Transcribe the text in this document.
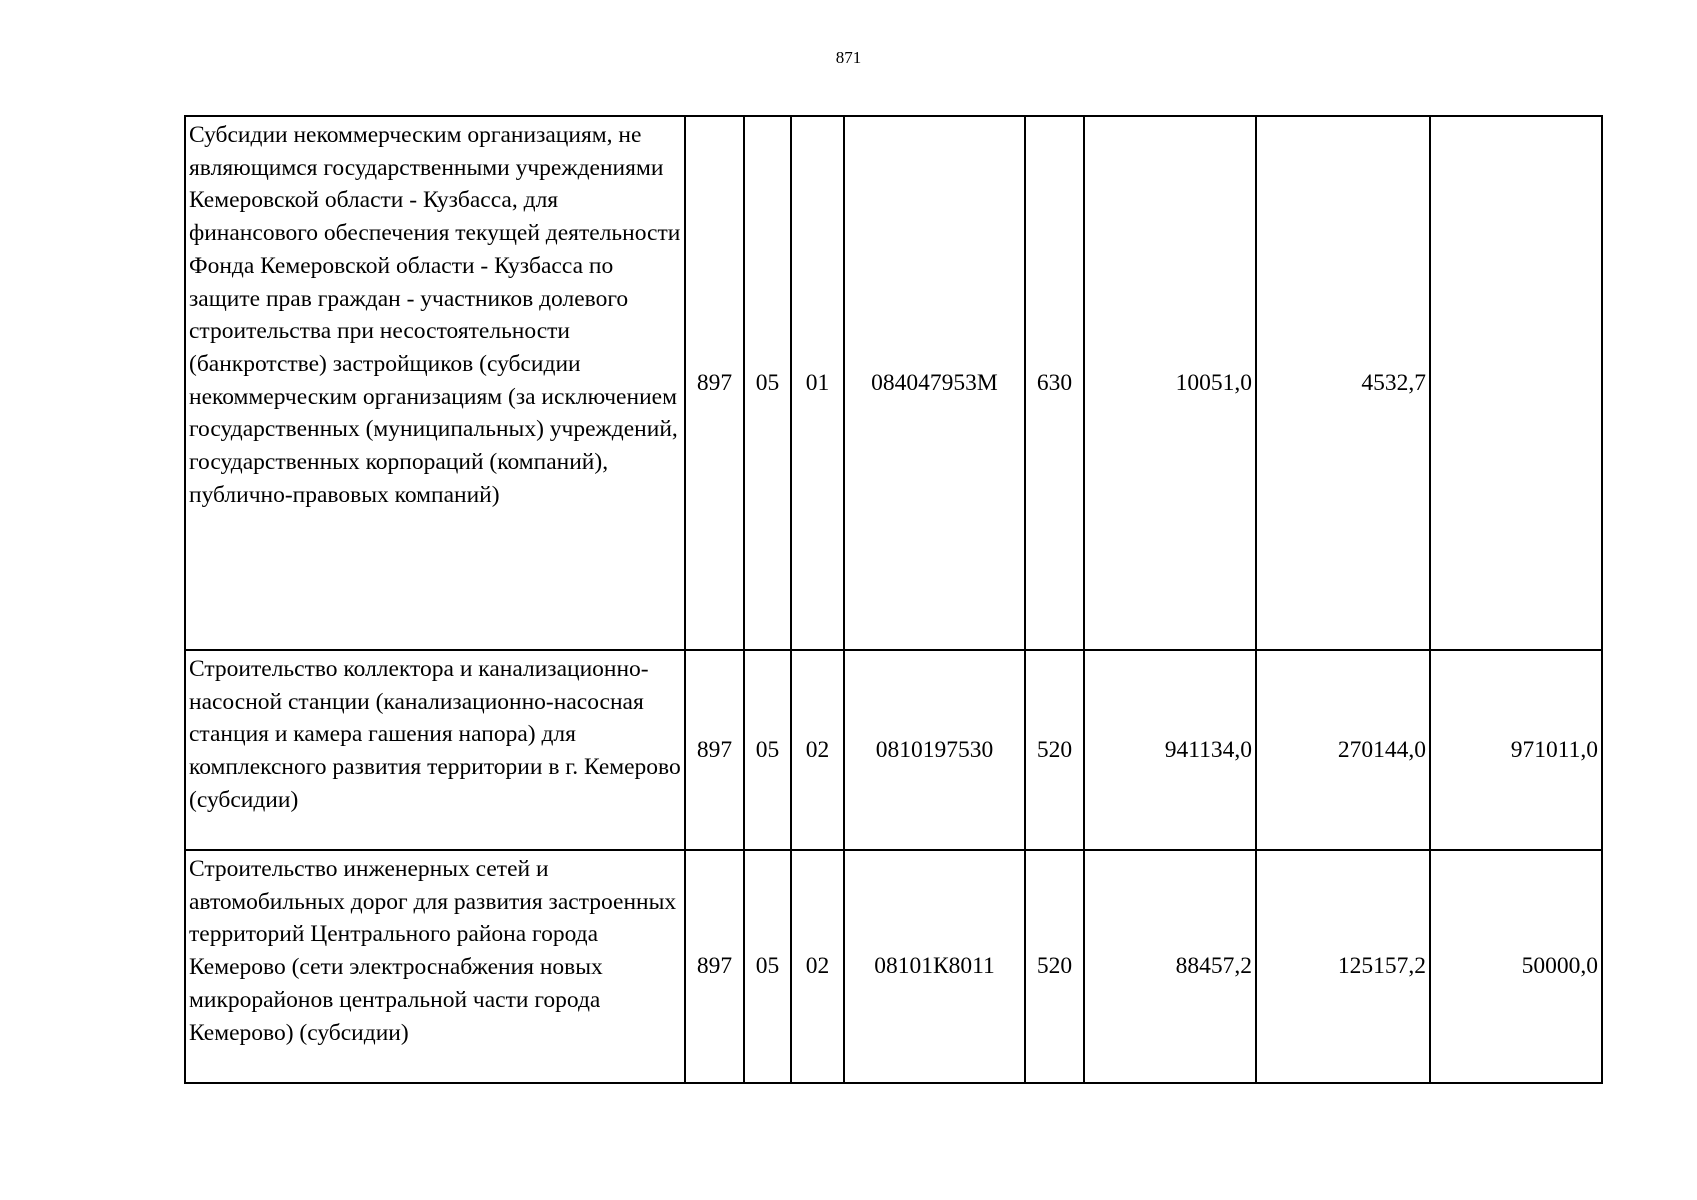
871
Субсидии некоммерческим организациям, не являющимся государственными учреждениями Кемеровской области - Кузбасса, для финансового обеспечения текущей деятельности Фонда Кемеровской области - Кузбасса по защите прав граждан - участников долевого строительства при несостоятельности (банкротстве) застройщиков (субсидии некоммерческим организациям (за исключением государственных (муниципальных) учреждений, государственных корпораций (компаний), публично-правовых компаний)	897	05	01	084047953М	630	10051,0	4532,7	
Строительство коллектора и канализационно-насосной станции (канализационно-насосная станция и камера гашения напора) для комплексного развития территории в г. Кемерово (субсидии)	897	05	02	0810197530	520	941134,0	270144,0	971011,0
Строительство инженерных сетей и автомобильных дорог для развития застроенных территорий Центрального района города Кемерово (сети электроснабжения новых микрорайонов центральной части города Кемерово) (субсидии)	897	05	02	08101К8011	520	88457,2	125157,2	50000,0
